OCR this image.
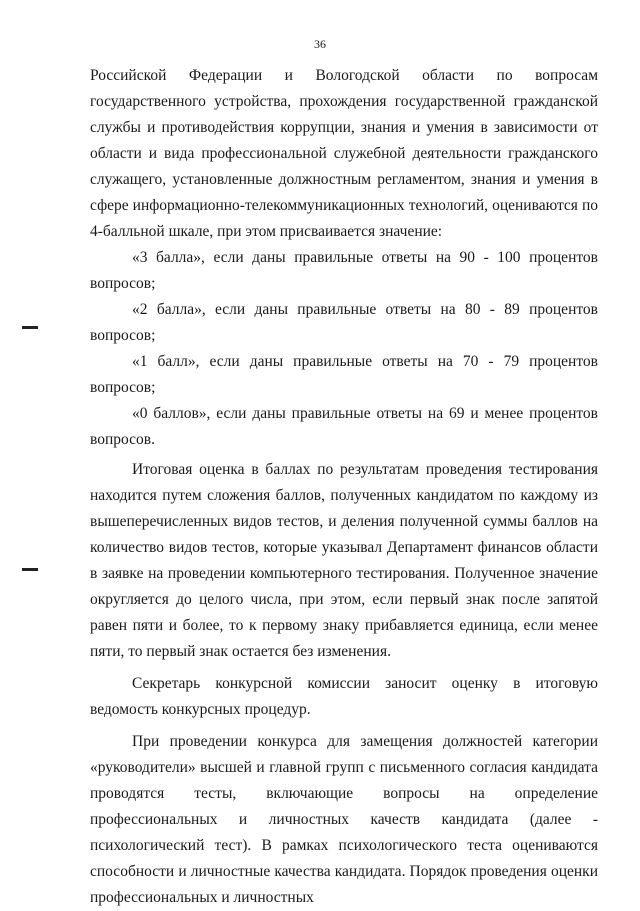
36

Российской Федерации и Вологодской области по вопросам государственного устройства, прохождения государственной гражданской службы и противодействия коррупции, знания и умения в зависимости от области и вида профессиональной служебной деятельности гражданского служащего, установленные должностным регламентом, знания и умения в сфере информационно-телекоммуникационных технологий, оцениваются по 4-балльной шкале, при этом присваивается значение:

«3 балла», если даны правильные ответы на 90 - 100 процентов вопросов;

«2 балла», если даны правильные ответы на 80 - 89 процентов вопросов;

«1 балл», если даны правильные ответы на 70 - 79 процентов вопросов;

«0 баллов», если даны правильные ответы на 69 и менее процентов вопросов.

Итоговая оценка в баллах по результатам проведения тестирования находится путем сложения баллов, полученных кандидатом по каждому из вышеперечисленных видов тестов, и деления полученной суммы баллов на количество видов тестов, которые указывал Департамент финансов области в заявке на проведении компьютерного тестирования. Полученное значение округляется до целого числа, при этом, если первый знак после запятой равен пяти и более, то к первому знаку прибавляется единица, если менее пяти, то первый знак остается без изменения.

Секретарь конкурсной комиссии заносит оценку в итоговую ведомость конкурсных процедур.

При проведении конкурса для замещения должностей категории «руководители» высшей и главной групп с письменного согласия кандидата проводятся тесты, включающие вопросы на определение профессиональных и личностных качеств кандидата (далее - психологический тест). В рамках психологического теста оцениваются способности и личностные качества кандидата. Порядок проведения оценки профессиональных и личностных
